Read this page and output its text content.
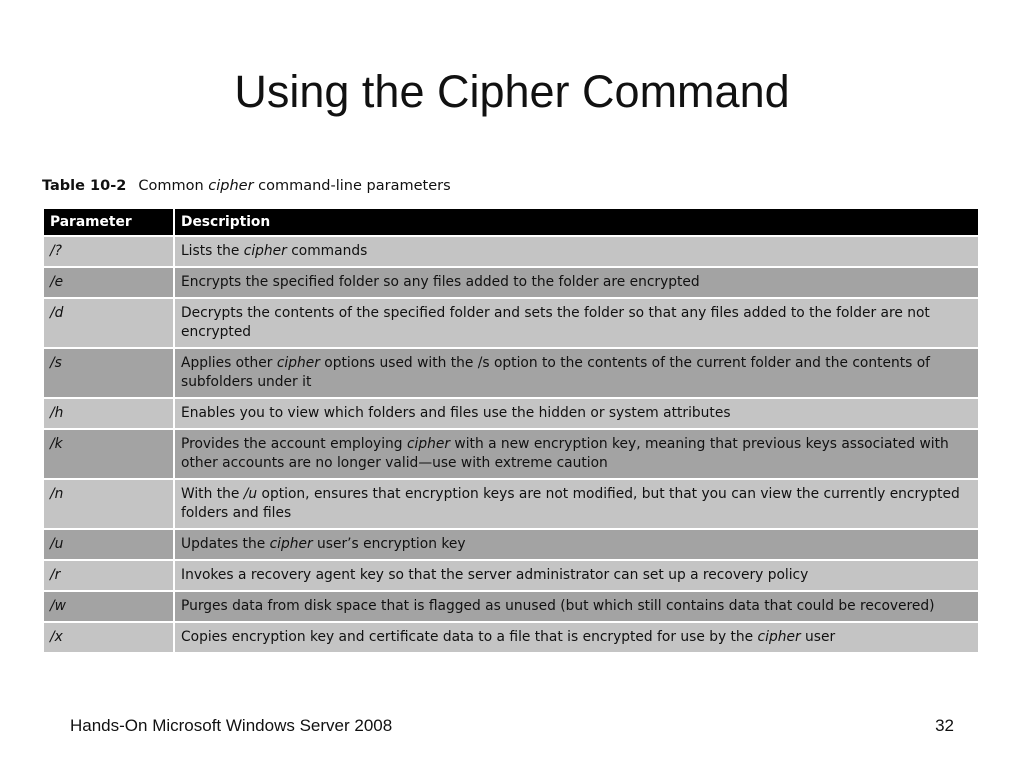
Using the Cipher Command
Table 10-2 Common cipher command-line parameters
Parameter	Description
/?	Lists the cipher commands
/e	Encrypts the specified folder so any files added to the folder are encrypted
/d	Decrypts the contents of the specified folder and sets the folder so that any files added to the folder are not encrypted
/s	Applies other cipher options used with the /s option to the contents of the current folder and the contents of subfolders under it
/h	Enables you to view which folders and files use the hidden or system attributes
/k	Provides the account employing cipher with a new encryption key, meaning that previous keys associated with other accounts are no longer valid—use with extreme caution
/n	With the /u option, ensures that encryption keys are not modified, but that you can view the currently encrypted folders and files
/u	Updates the cipher user’s encryption key
/r	Invokes a recovery agent key so that the server administrator can set up a recovery policy
/w	Purges data from disk space that is flagged as unused (but which still contains data that could be recovered)
/x	Copies encryption key and certificate data to a file that is encrypted for use by the cipher user
Hands-On Microsoft Windows Server 2008	32
